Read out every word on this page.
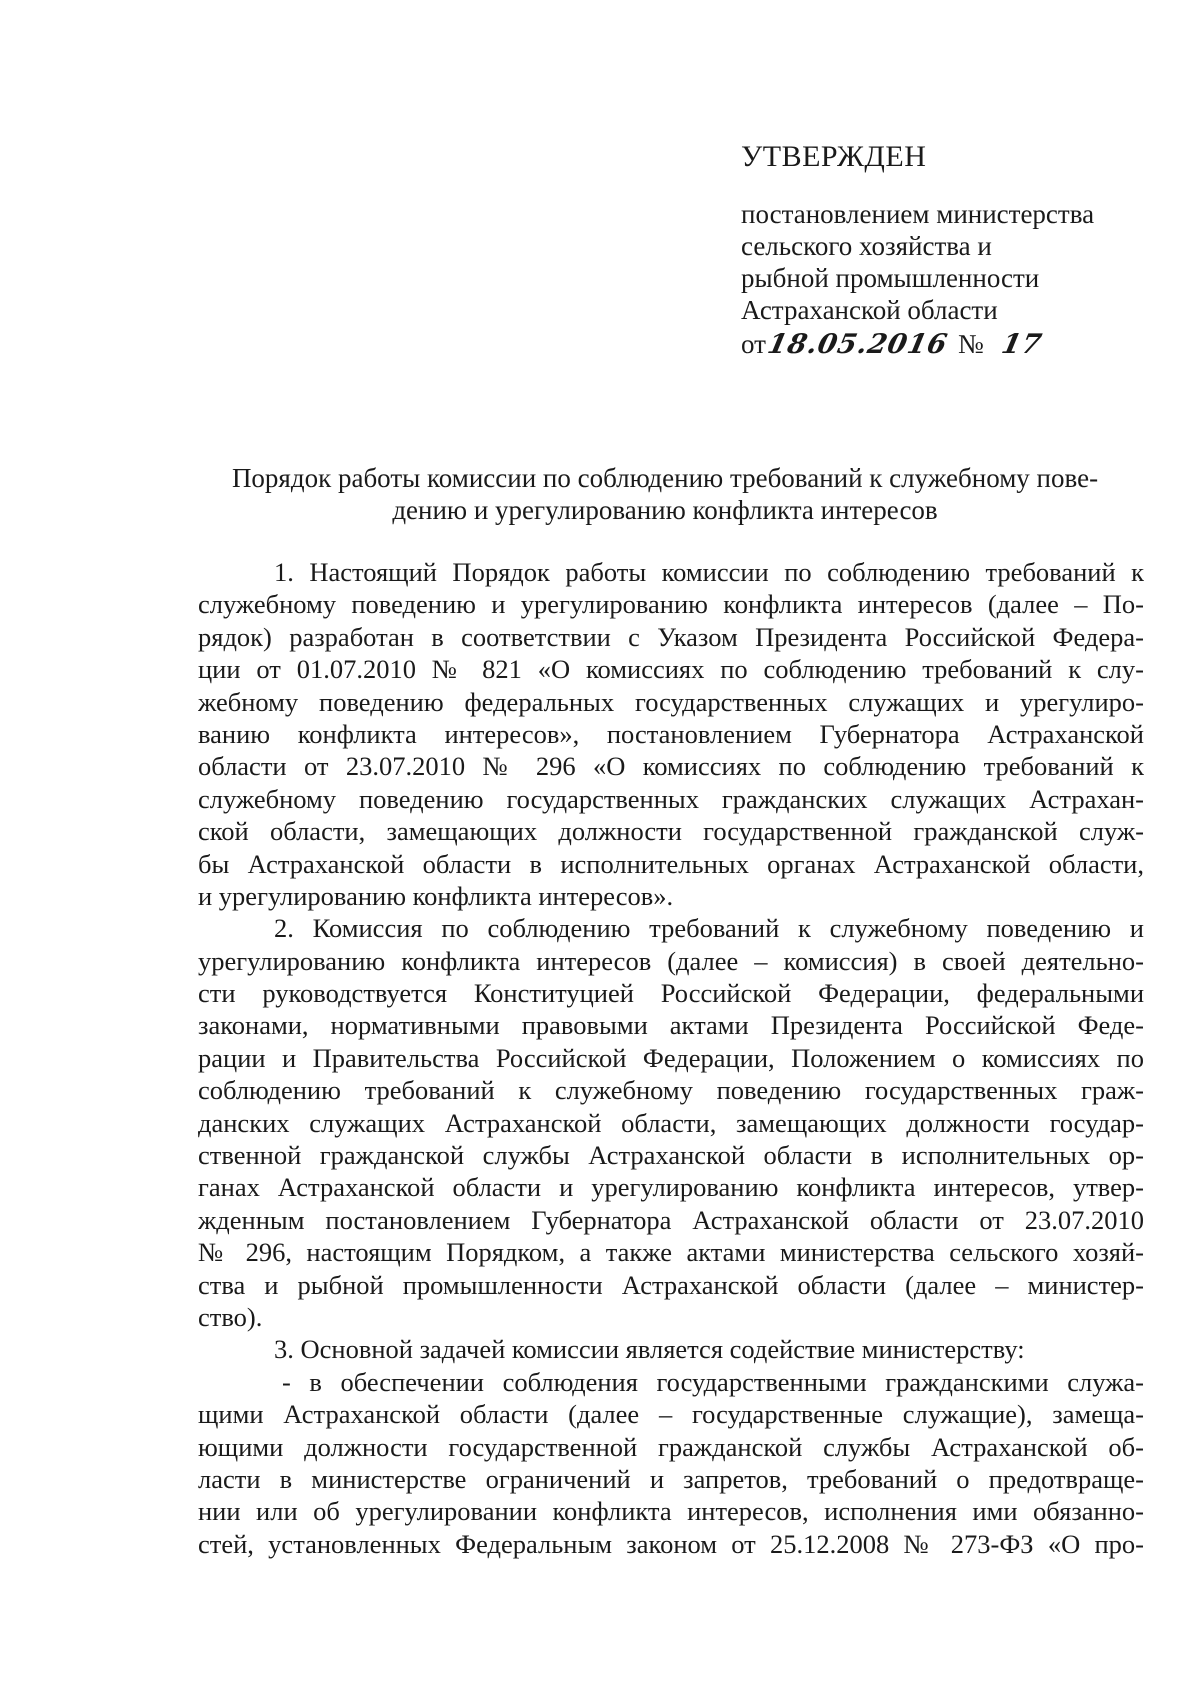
УТВЕРЖДЕН
постановлением министерства
сельского хозяйства и
рыбной промышленности
Астраханской области
от
18.05.2016 № 17
Порядок работы комиссии по соблюдению требований к служебному пове-
дению и урегулированию конфликта интересов
1. Настоящий Порядок работы комиссии по соблюдению требований к
служебному поведению и урегулированию конфликта интересов (далее – По-
рядок) разработан в соответствии с Указом Президента Российской Федера-
ции от 01.07.2010 № 821 «О комиссиях по соблюдению требований к слу-
жебному поведению федеральных государственных служащих и урегулиро-
ванию конфликта интересов», постановлением Губернатора Астраханской
области от 23.07.2010 № 296 «О комиссиях по соблюдению требований к
служебному поведению государственных гражданских служащих Астрахан-
ской области, замещающих должности государственной гражданской служ-
бы Астраханской области в исполнительных органах Астраханской области,
и урегулированию конфликта интересов».
2. Комиссия по соблюдению требований к служебному поведению и
урегулированию конфликта интересов (далее – комиссия) в своей деятельно-
сти руководствуется Конституцией Российской Федерации, федеральными
законами, нормативными правовыми актами Президента Российской Феде-
рации и Правительства Российской Федерации, Положением о комиссиях по
соблюдению требований к служебному поведению государственных граж-
данских служащих Астраханской области, замещающих должности государ-
ственной гражданской службы Астраханской области в исполнительных ор-
ганах Астраханской области и урегулированию конфликта интересов, утвер-
жденным постановлением Губернатора Астраханской области от 23.07.2010
№ 296, настоящим Порядком, а также актами министерства сельского хозяй-
ства и рыбной промышленности Астраханской области (далее – министер-
ство).
3. Основной задачей комиссии является содействие министерству:
- в обеспечении соблюдения государственными гражданскими служа-
щими Астраханской области (далее – государственные служащие), замеща-
ющими должности государственной гражданской службы Астраханской об-
ласти в министерстве ограничений и запретов, требований о предотвраще-
нии или об урегулировании конфликта интересов, исполнения ими обязанно-
стей, установленных Федеральным законом от 25.12.2008 № 273-ФЗ «О про-
